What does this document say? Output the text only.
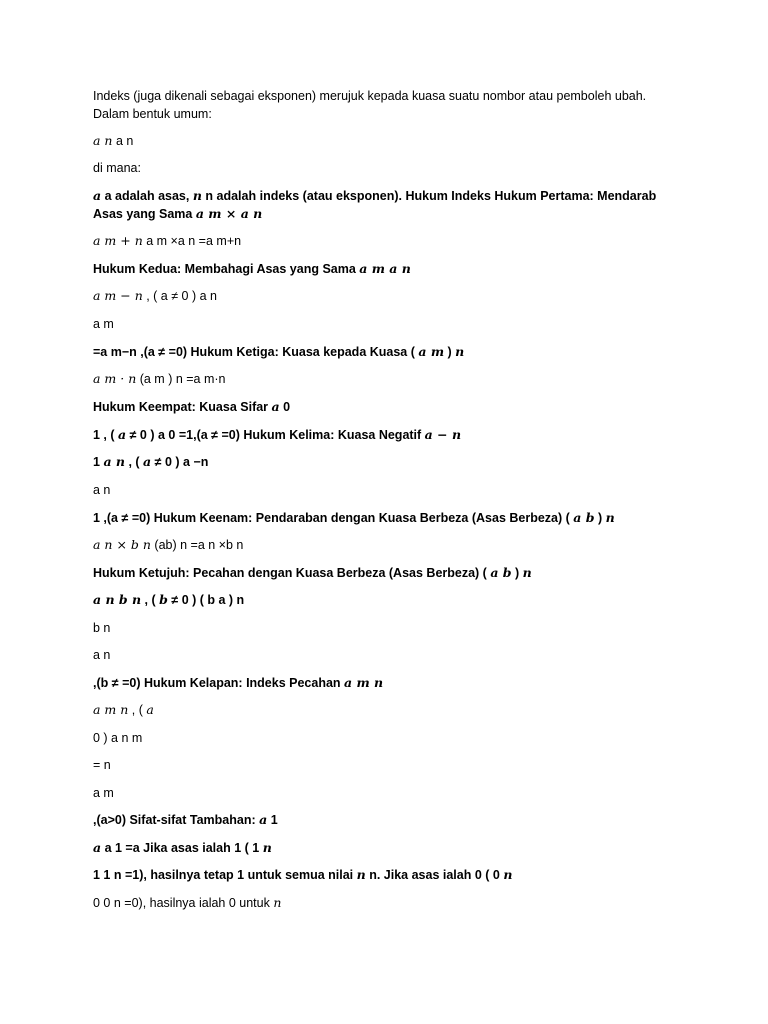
Indeks (juga dikenali sebagai eksponen) merujuk kepada kuasa suatu nombor atau pemboleh ubah.
Dalam bentuk umum:
a n a n
di mana:
a a adalah asas, n n adalah indeks (atau eksponen). Hukum Indeks Hukum Pertama: Mendarab
Asas yang Sama a m × a n
a m + n a m ×a n =a m+n
Hukum Kedua: Membahagi Asas yang Sama a m a n
a m − n , ( a ≠ 0 ) a n
a m
=a m−n ,(a ≠ =0) Hukum Ketiga: Kuasa kepada Kuasa ( a m ) n
a m · n (a m ) n =a m·n
Hukum Keempat: Kuasa Sifar a 0
1 , ( a ≠ 0 ) a 0 =1,(a ≠ =0) Hukum Kelima: Kuasa Negatif a − n
1 a n , ( a ≠ 0 ) a −n
a n
1 ,(a ≠ =0) Hukum Keenam: Pendaraban dengan Kuasa Berbeza (Asas Berbeza) ( a b ) n
a n × b n (ab) n =a n ×b n
Hukum Ketujuh: Pecahan dengan Kuasa Berbeza (Asas Berbeza) ( a b ) n
a n b n , ( b ≠ 0 ) ( b a ) n
b n
a n
,(b ≠ =0) Hukum Kelapan: Indeks Pecahan a m n
a m n , ( a
0 ) a n m
= n
a m
,(a>0) Sifat-sifat Tambahan: a 1
a a 1 =a Jika asas ialah 1 ( 1 n
1 1 n =1), hasilnya tetap 1 untuk semua nilai n n. Jika asas ialah 0 ( 0 n
0 0 n =0), hasilnya ialah 0 untuk n
